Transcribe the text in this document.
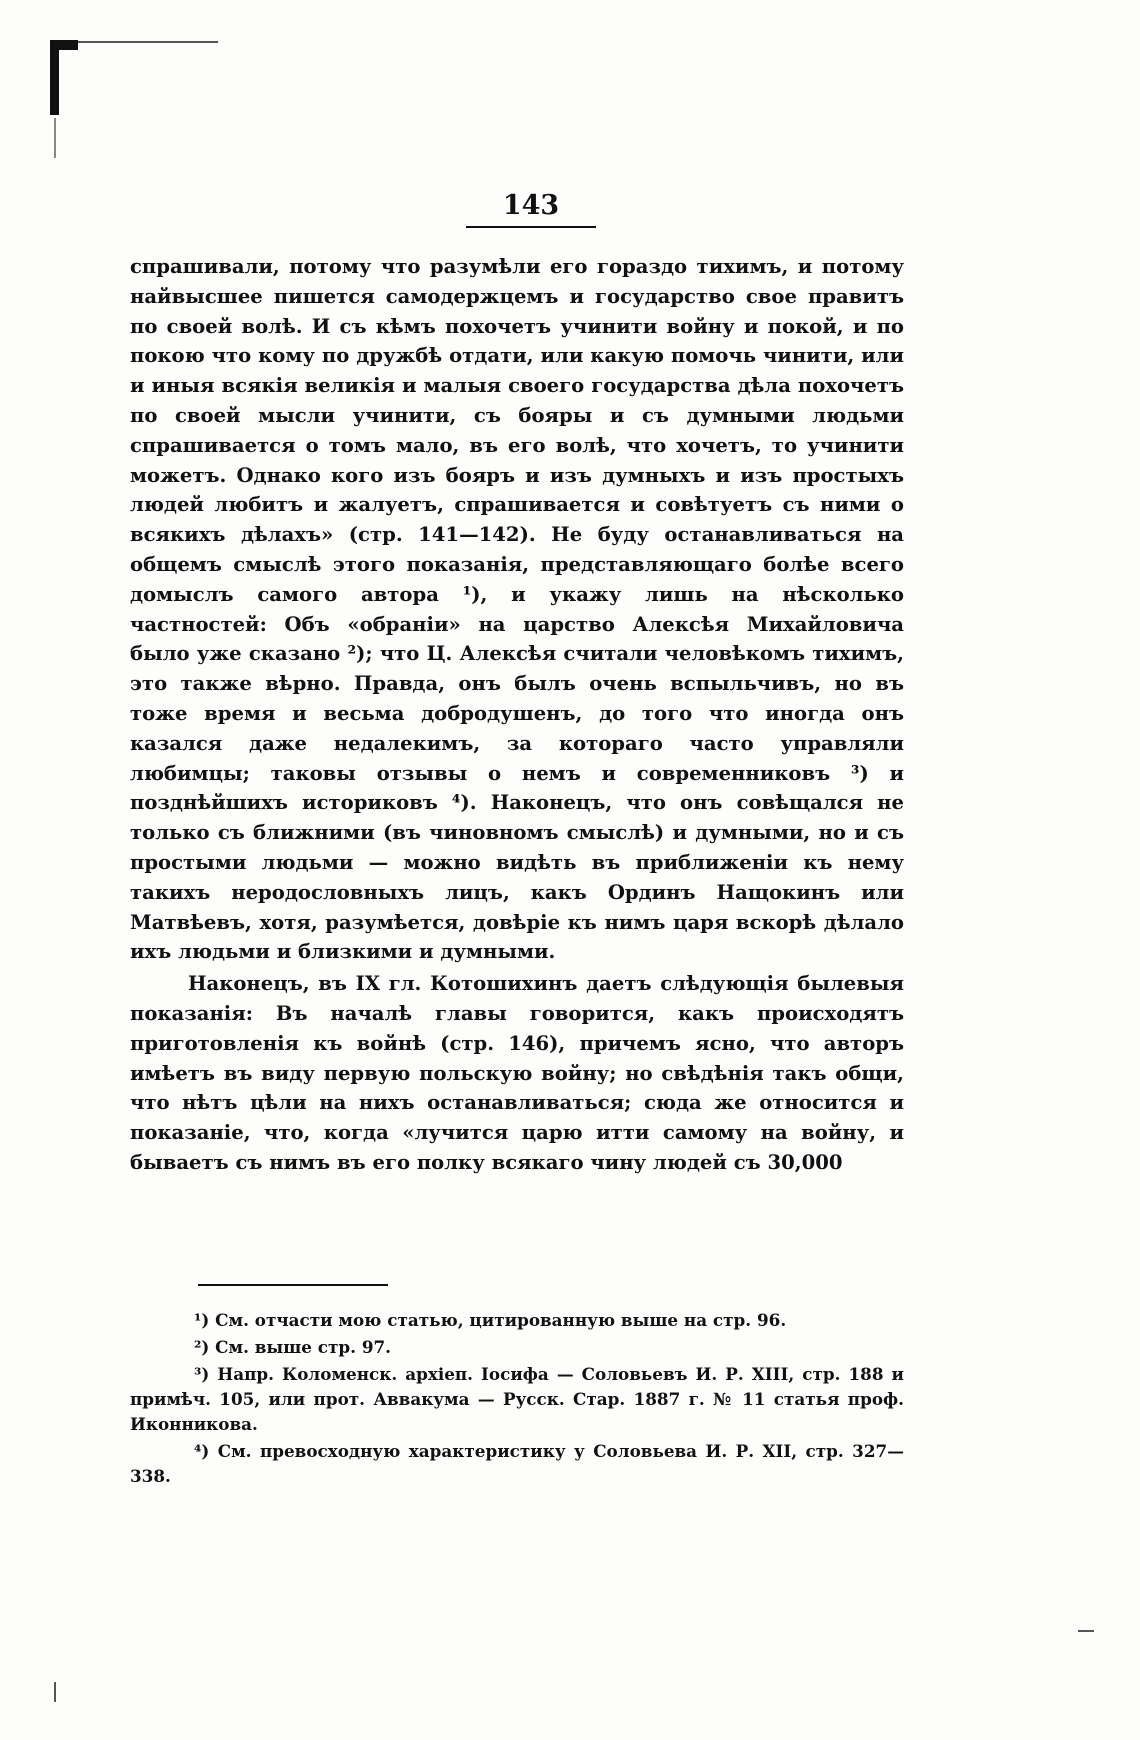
143

спрашивали, потому что разумѣли его гораздо тихимъ, и потому найвысшее пишется самодержцемъ и государство свое правитъ по своей волѣ. И съ кѣмъ похочетъ учинити войну и покой, и по покою что кому по дружбѣ отдати, или какую помочь чинити, или и иныя всякія великія и малыя своего государства дѣла похочетъ по своей мысли учинити, съ бояры и съ думными людьми спрашивается о томъ мало, въ его волѣ, что хочетъ, то учинити можетъ. Однако кого изъ бояръ и изъ думныхъ и изъ простыхъ людей любитъ и жалуетъ, спрашивается и совѣтуетъ съ ними о всякихъ дѣлахъ» (стр. 141—142). Не буду останавливаться на общемъ смыслѣ этого показанія, представляющаго болѣе всего домыслъ самого автора ¹), и укажу лишь на нѣсколько частностей: Объ «обраніи» на царство Алексѣя Михайловича было уже сказано ²); что Ц. Алексѣя считали человѣкомъ тихимъ, это также вѣрно. Правда, онъ былъ очень вспыльчивъ, но въ тоже время и весьма добродушенъ, до того что иногда онъ казался даже недалекимъ, за котораго часто управляли любимцы; таковы отзывы о немъ и современниковъ ³) и позднѣйшихъ историковъ ⁴). Наконецъ, что онъ совѣщался не только съ ближними (въ чиновномъ смыслѣ) и думными, но и съ простыми людьми — можно видѣть въ приближеніи къ нему такихъ неродословныхъ лицъ, какъ Ординъ Нащокинъ или Матвѣевъ, хотя, разумѣется, довѣріе къ нимъ царя вскорѣ дѣлало ихъ людьми и близкими и думными.

Наконецъ, въ IX гл. Котошихинъ даетъ слѣдующія былевыя показанія: Въ началѣ главы говорится, какъ происходятъ приготовленія къ войнѣ (стр. 146), причемъ ясно, что авторъ имѣетъ въ виду первую польскую войну; но свѣдѣнія такъ общи, что нѣтъ цѣли на нихъ останавливаться; сюда же относится и показаніе, что, когда «лучится царю итти самому на войну, и бываетъ съ нимъ въ его полку всякаго чину людей съ 30,000

¹) См. отчасти мою статью, цитированную выше на стр. 96.

²) См. выше стр. 97.

³) Напр. Коломенск. архіеп. Іосифа — Соловьевъ И. Р. XIII, стр. 188 и примѣч. 105, или прот. Аввакума — Русск. Стар. 1887 г. № 11 статья проф. Иконникова.

⁴) См. превосходную характеристику у Соловьева И. Р. XII, стр. 327—338.
